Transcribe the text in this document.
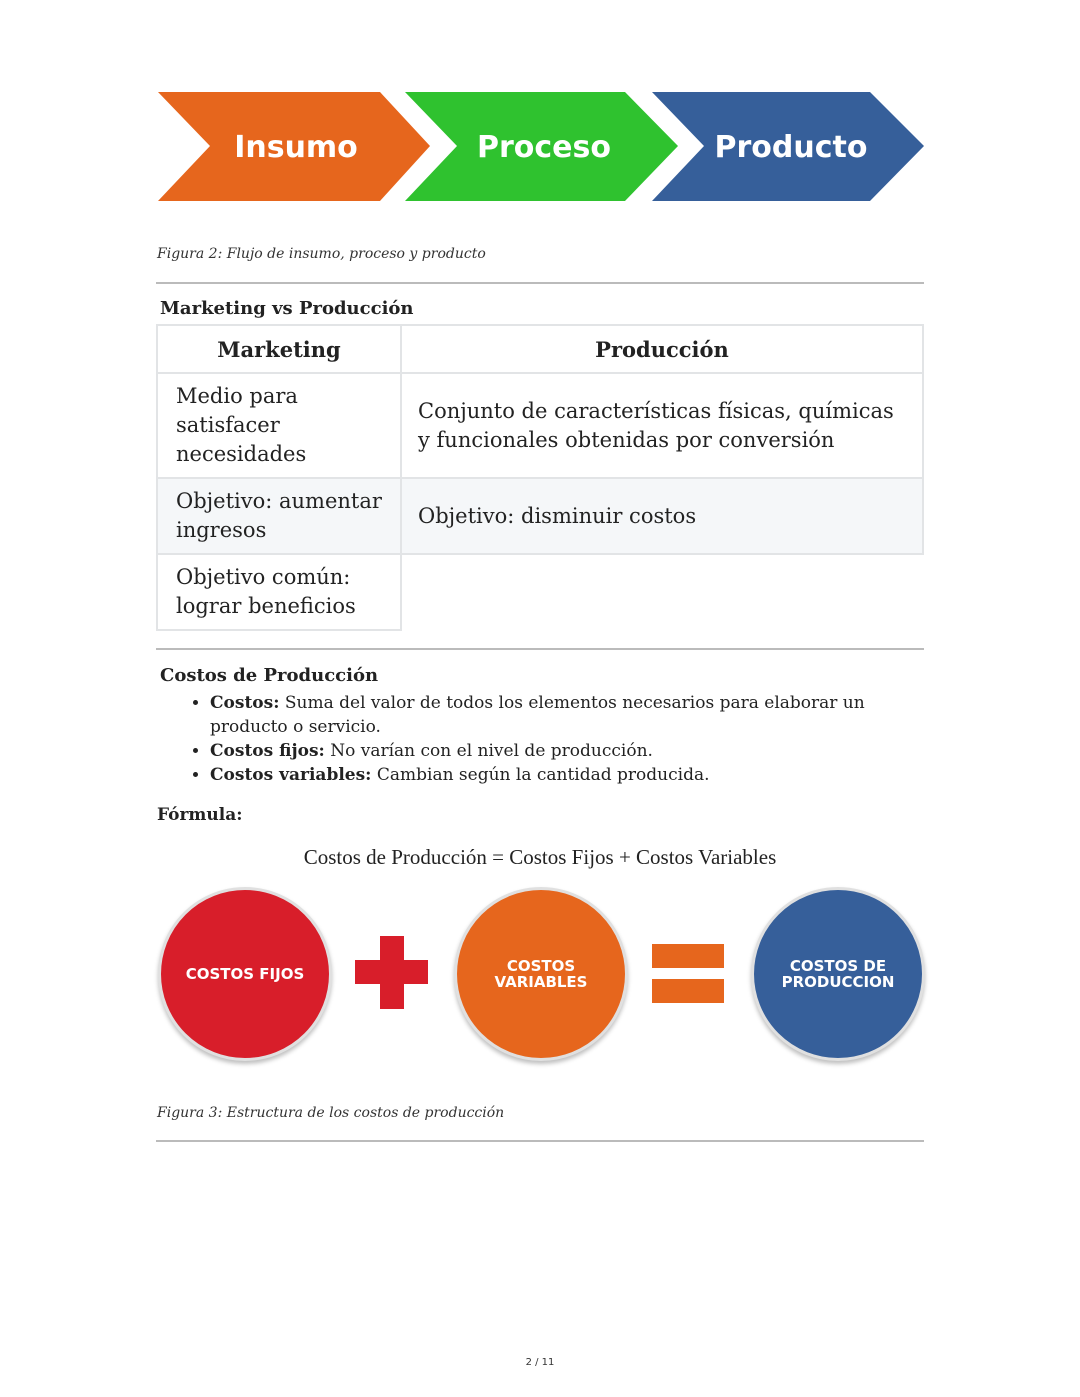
Insumo	Proceso	Producto
Figura 2: Flujo de insumo, proceso y producto
Marketing vs Producción
Marketing	Producción
Medio para satisfacer necesidades	Conjunto de características físicas, químicas y funcionales obtenidas por conversión
Objetivo: aumentar ingresos	Objetivo: disminuir costos
Objetivo común: lograr beneficios	
Costos de Producción
• Costos: Suma del valor de todos los elementos necesarios para elaborar un producto o servicio.
• Costos fijos: No varían con el nivel de producción.
• Costos variables: Cambian según la cantidad producida.
Fórmula:
Costos de Producción = Costos Fijos + Costos Variables
COSTOS FIJOS	COSTOS
VARIABLES
COSTOS DE
PRODUCCION
Figura 3: Estructura de los costos de producción
2 / 11
